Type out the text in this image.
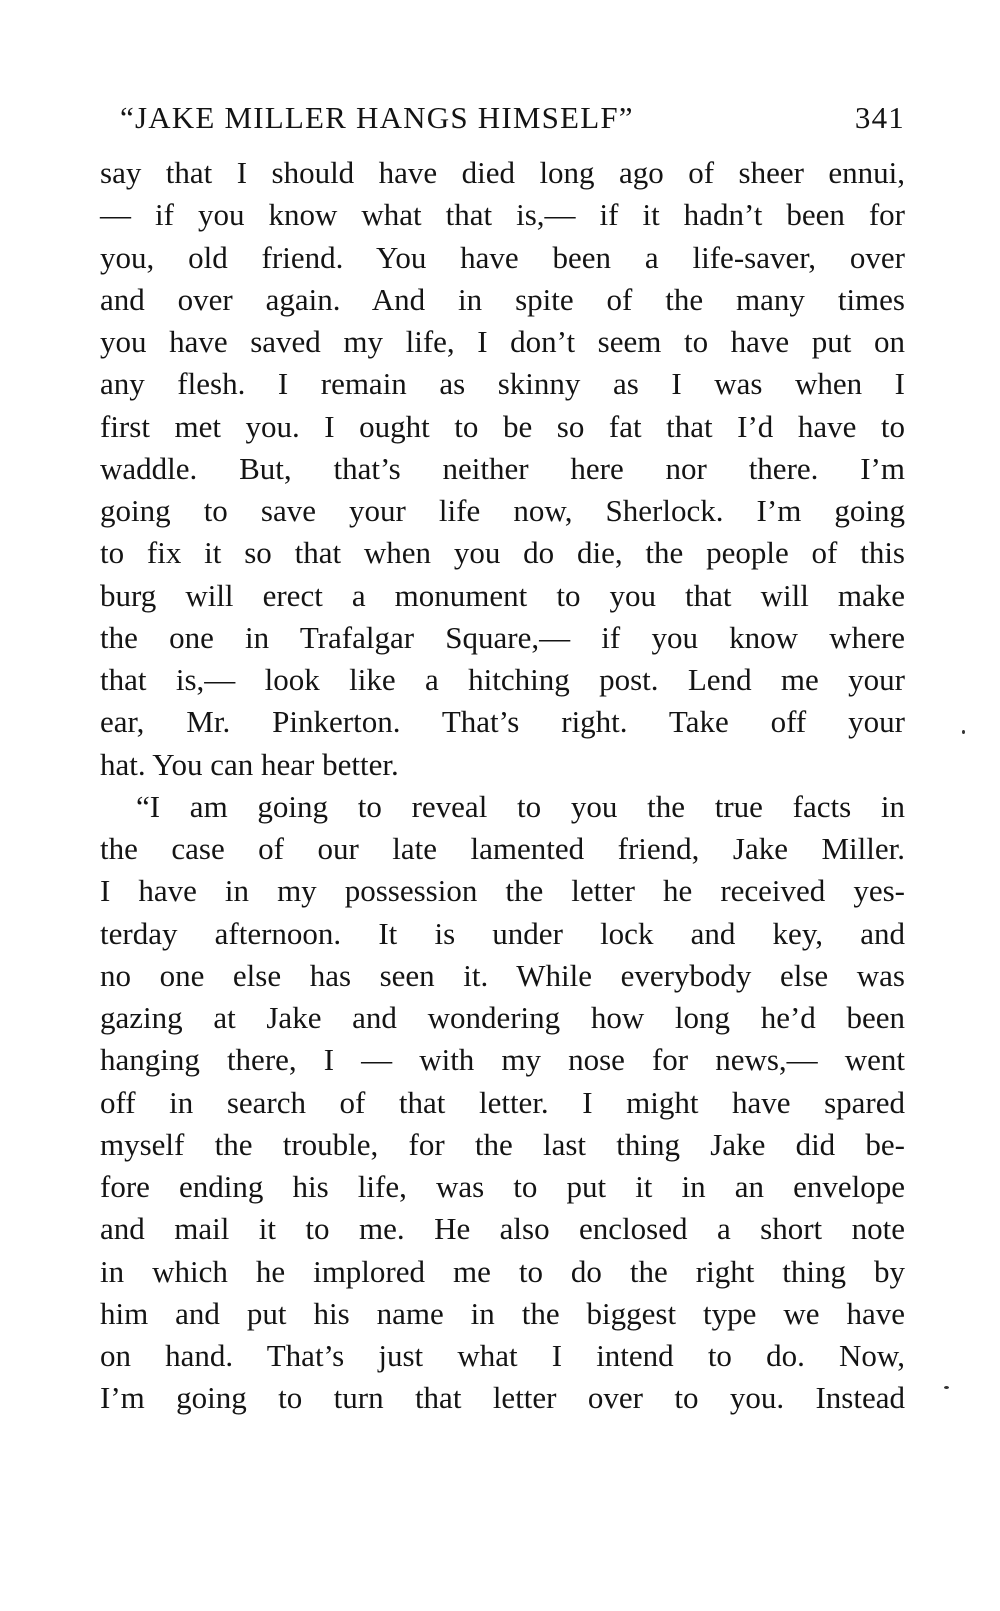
“JAKE MILLER HANGS HIMSELF”	341
say that I should have died long ago of sheer ennui,
— if you know what that is,— if it hadn’t been for
you, old friend. You have been a life-saver, over
and over again. And in spite of the many times
you have saved my life, I don’t seem to have put on
any flesh. I remain as skinny as I was when I
first met you. I ought to be so fat that I’d have to
waddle. But, that’s neither here nor there. I’m
going to save your life now, Sherlock. I’m going
to fix it so that when you do die, the people of this
burg will erect a monument to you that will make
the one in Trafalgar Square,— if you know where
that is,— look like a hitching post. Lend me your
ear, Mr. Pinkerton. That’s right. Take off your
hat. You can hear better.
“I am going to reveal to you the true facts in
the case of our late lamented friend, Jake Miller.
I have in my possession the letter he received yes-
terday afternoon. It is under lock and key, and
no one else has seen it. While everybody else was
gazing at Jake and wondering how long he’d been
hanging there, I — with my nose for news,— went
off in search of that letter. I might have spared
myself the trouble, for the last thing Jake did be-
fore ending his life, was to put it in an envelope
and mail it to me. He also enclosed a short note
in which he implored me to do the right thing by
him and put his name in the biggest type we have
on hand. That’s just what I intend to do. Now,
I’m going to turn that letter over to you. Instead
